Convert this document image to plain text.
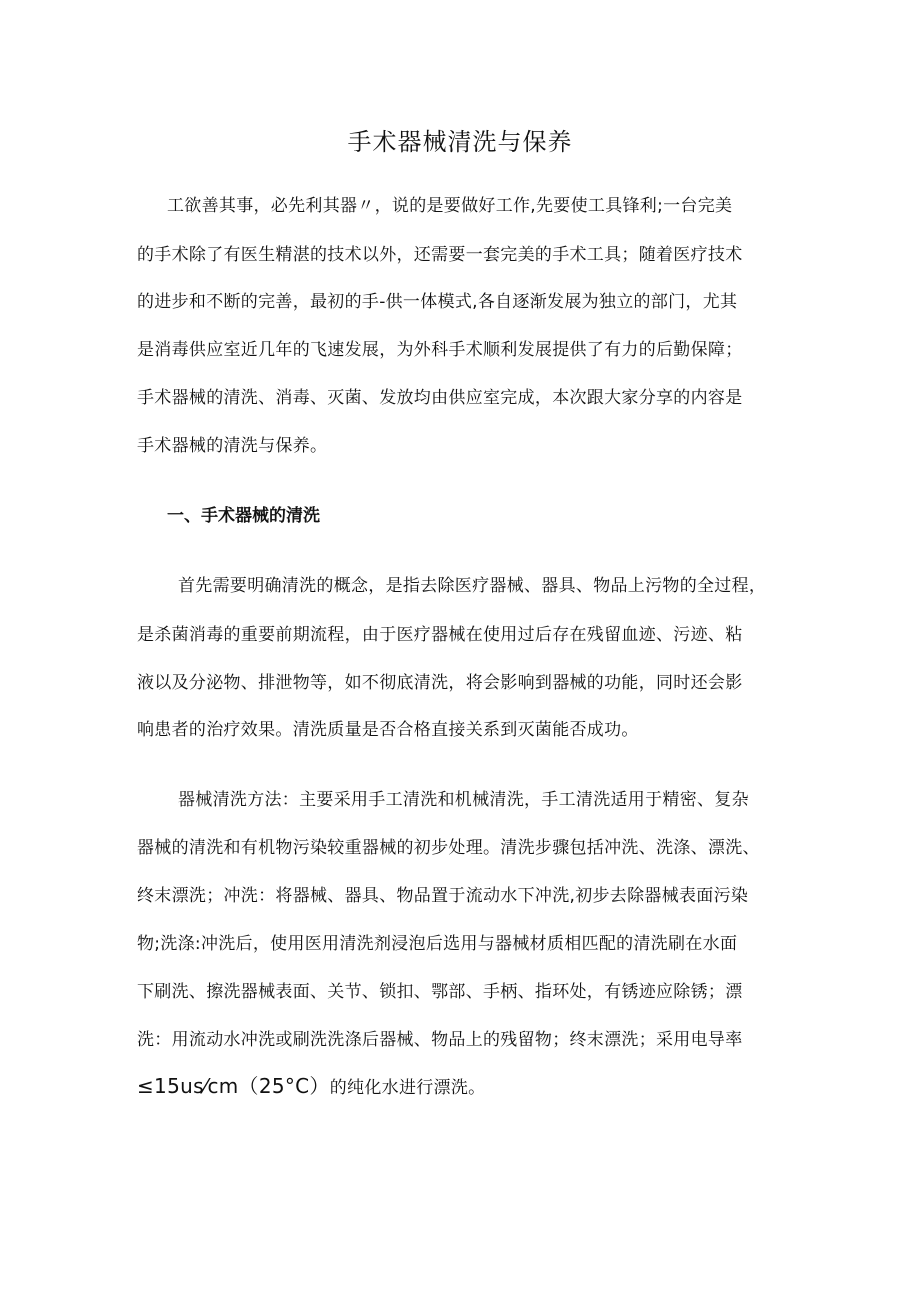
手术器械清洗与保养
工欲善其事，必先利其器〃，说的是要做好工作,先要使工具锋利;一台完美
的手术除了有医生精湛的技术以外，还需要一套完美的手术工具；随着医疗技术
的进步和不断的完善，最初的手-供一体模式,各自逐渐发展为独立的部门，尤其
是消毒供应室近几年的飞速发展，为外科手术顺利发展提供了有力的后勤保障；
手术器械的清洗、消毒、灭菌、发放均由供应室完成，本次跟大家分享的内容是
手术器械的清洗与保养。
一、手术器械的清洗
首先需要明确清洗的概念，是指去除医疗器械、器具、物品上污物的全过程，
是杀菌消毒的重要前期流程，由于医疗器械在使用过后存在残留血迹、污迹、粘
液以及分泌物、排泄物等，如不彻底清洗，将会影响到器械的功能，同时还会影
响患者的治疗效果。清洗质量是否合格直接关系到灭菌能否成功。
器械清洗方法：主要采用手工清洗和机械清洗，手工清洗适用于精密、复杂
器械的清洗和有机物污染较重器械的初步处理。清洗步骤包括冲洗、洗涤、漂洗、
终末漂洗；冲洗：将器械、器具、物品置于流动水下冲洗,初步去除器械表面污染
物;洗涤:冲洗后，使用医用清洗剂浸泡后选用与器械材质相匹配的清洗刷在水面
下刷洗、擦洗器械表面、关节、锁扣、鄂部、手柄、指环处，有锈迹应除锈；漂
洗：用流动水冲洗或刷洗洗涤后器械、物品上的残留物；终末漂洗；采用电导率
≤15us⁄cm（25°C）的纯化水进行漂洗。
